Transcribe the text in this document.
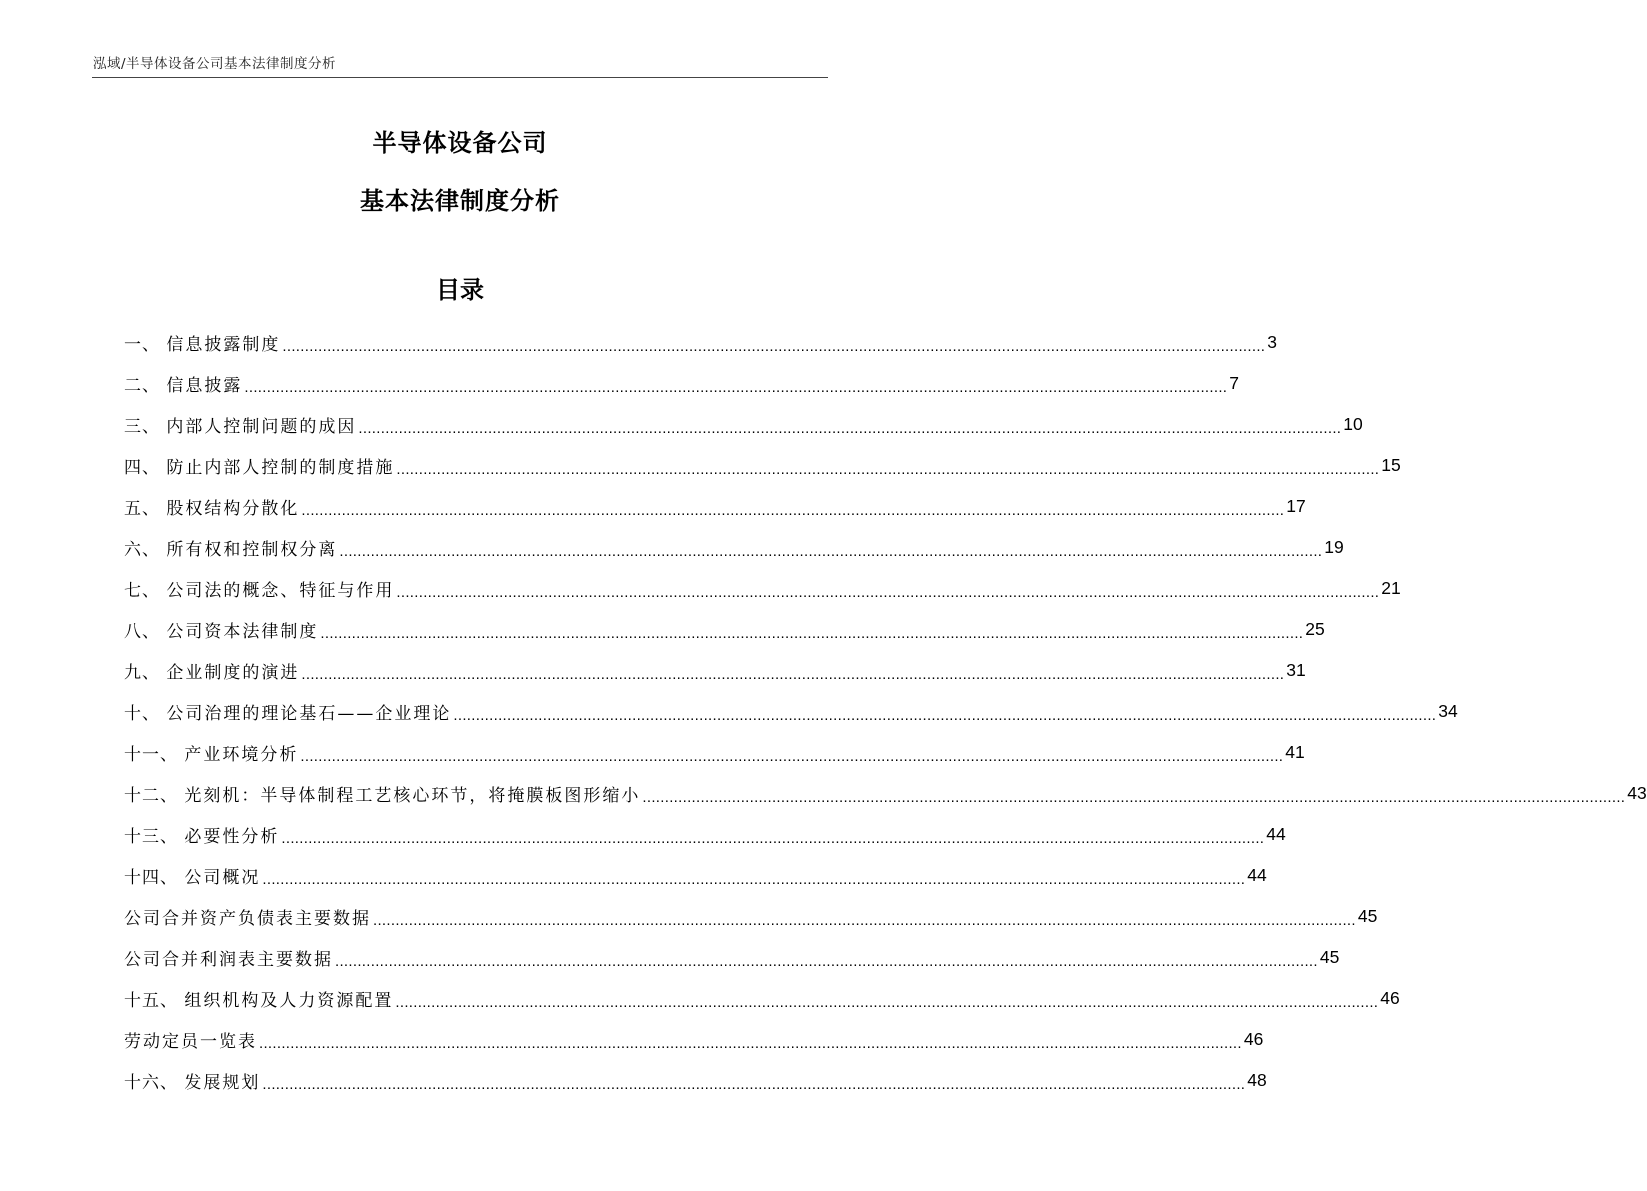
泓域/半导体设备公司基本法律制度分析
半导体设备公司
基本法律制度分析
目录
一、 信息披露制度 ............................................................................................................................................................................................................................ 3
二、 信息披露 ............................................................................................................................................................................................................................ 7
三、 内部人控制问题的成因 ............................................................................................................................................................................................................................ 10
四、 防止内部人控制的制度措施 ............................................................................................................................................................................................................................ 15
五、 股权结构分散化 ............................................................................................................................................................................................................................ 17
六、 所有权和控制权分离 ............................................................................................................................................................................................................................ 19
七、 公司法的概念、特征与作用 ............................................................................................................................................................................................................................ 21
八、 公司资本法律制度 ............................................................................................................................................................................................................................ 25
九、 企业制度的演进 ............................................................................................................................................................................................................................ 31
十、 公司治理的理论基石——企业理论 ............................................................................................................................................................................................................................ 34
十一、 产业环境分析 ............................................................................................................................................................................................................................ 41
十二、 光刻机：半导体制程工艺核心环节，将掩膜板图形缩小 ............................................................................................................................................................................................................................ 43
十三、 必要性分析 ............................................................................................................................................................................................................................ 44
十四、 公司概况 ............................................................................................................................................................................................................................ 44
公司合并资产负债表主要数据 ............................................................................................................................................................................................................................ 45
公司合并利润表主要数据 ............................................................................................................................................................................................................................ 45
十五、 组织机构及人力资源配置 ............................................................................................................................................................................................................................ 46
劳动定员一览表 ............................................................................................................................................................................................................................ 46
十六、 发展规划 ............................................................................................................................................................................................................................ 48
